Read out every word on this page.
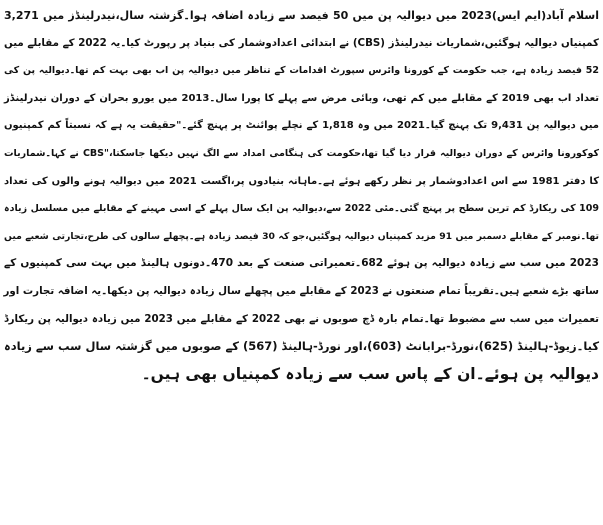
اسلام آباد(ایم ایس)2023 میں دیوالیہ پن میں 50 فیصد سے زیادہ اضافہ ہوا۔گزشتہ سال،نیدرلینڈز میں 3,271
کمپنیاں دیوالیہ ہوگئیں،شماریات نیدرلینڈز (CBS) نے ابتدائی اعدادوشمار کی بنیاد پر رپورٹ کیا۔یہ 2022 کے مقابلے میں
52 فیصد زیادہ ہے، جب حکومت کے کورونا وائرس سپورٹ اقدامات کے تناظر میں دیوالیہ پن اب بھی بہت کم تھا۔دیوالیہ پن کی
تعداد اب بھی 2019 کے مقابلے میں کم تھی، وبائی مرض سے پہلے کا پورا سال۔2013 میں یورو بحران کے دوران نیدرلینڈز
میں دیوالیہ پن 9,431 تک پہنچ گیا۔2021 میں وہ 1,818 کے نچلے پوائنٹ پر پہنچ گئے۔"حقیقت یہ ہے کہ نسبتاً کم کمپنیوں
کوکورونا وائرس کے دوران دیوالیہ قرار دیا گیا تھا،حکومت کی ہنگامی امداد سے الگ نہیں دیکھا جاسکتا،"CBS نے کہا۔شماریات
کا دفتر 1981 سے اس اعدادوشمار پر نظر رکھے ہوئے ہے۔ماہانہ بنیادوں پر،اگست 2021 میں دیوالیہ ہونے والوں کی تعداد
109 کی ریکارڈ کم ترین سطح پر پہنچ گئی۔مئی 2022 سے،دیوالیہ پن ایک سال پہلے کے اسی مہینے کے مقابلے میں مسلسل زیادہ
تھا۔نومبر کے مقابلے دسمبر میں 91 مزید کمپنیاں دیوالیہ ہوگئیں،جو کہ 30 فیصد زیادہ ہے۔پچھلے سالوں کی طرح،تجارتی شعبے میں
2023 میں سب سے زیادہ دیوالیہ پن ہوئے 682۔تعمیراتی صنعت کے بعد 470۔دونوں ہالینڈ میں بہت سی کمپنیوں کے
ساتھ بڑے شعبے ہیں۔تقریباً تمام صنعتوں نے 2023 کے مقابلے میں پچھلے سال زیادہ دیوالیہ پن دیکھا۔یہ اضافہ تجارت اور
تعمیرات میں سب سے مضبوط تھا۔تمام بارہ ڈچ صوبوں نے بھی 2022 کے مقابلے میں 2023 میں زیادہ دیوالیہ پن ریکارڈ
کیا۔زیوڈ-ہالینڈ (625)،نورڈ-برابانٹ (603)،اور نورڈ-ہالینڈ (567) کے صوبوں میں گزشتہ سال سب سے زیادہ
دیوالیہ پن ہوئے۔ان کے پاس سب سے زیادہ کمپنیاں بھی ہیں۔
